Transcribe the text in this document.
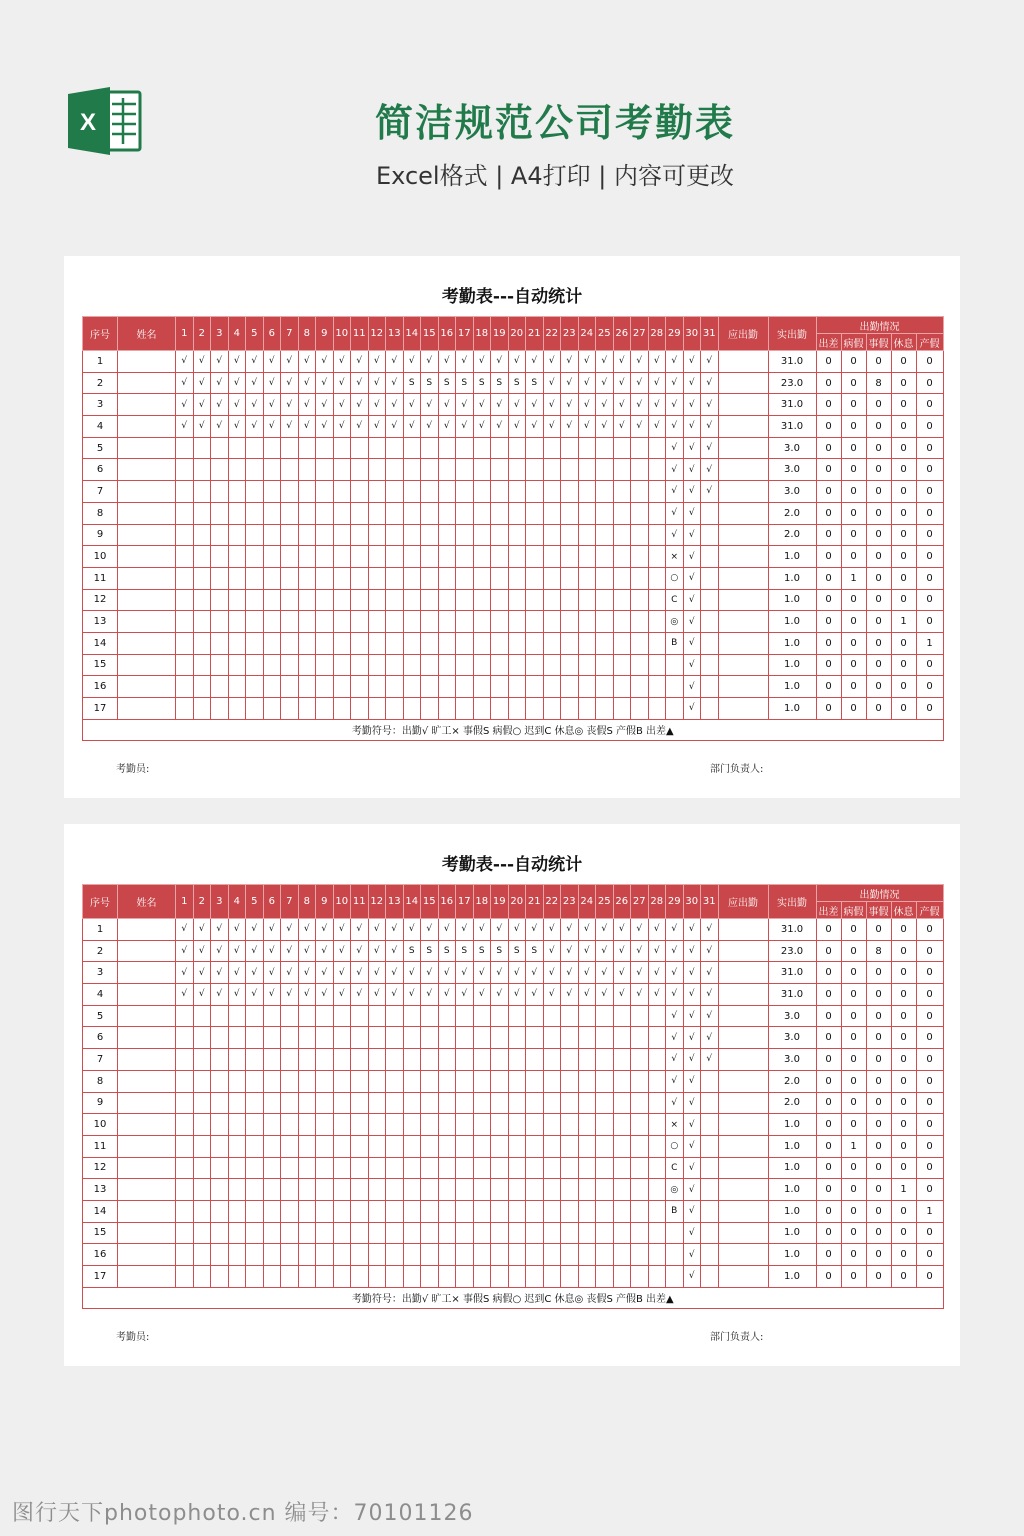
X	简洁规范公司考勤表
Excel格式 | A4打印 | 内容可更改
考勤表---自动统计
序号	姓名	1	2	3	4	5	6	7	8	9	10	11	12	13	14	15	16	17	18	19	20	21	22	23	24	25	26	27	28	29	30	31	应出勤	实出勤	出勤情况				
																																			出差	病假	事假	休息	产假
1		√	√	√	√	√	√	√	√	√	√	√	√	√	√	√	√	√	√	√	√	√	√	√	√	√	√	√	√	√	√	√		31.0	0	0	0	0	0
2		√	√	√	√	√	√	√	√	√	√	√	√	√	S	S	S	S	S	S	S	S	√	√	√	√	√	√	√	√	√	√		23.0	0	0	8	0	0
3		√	√	√	√	√	√	√	√	√	√	√	√	√	√	√	√	√	√	√	√	√	√	√	√	√	√	√	√	√	√	√		31.0	0	0	0	0	0
4		√	√	√	√	√	√	√	√	√	√	√	√	√	√	√	√	√	√	√	√	√	√	√	√	√	√	√	√	√	√	√		31.0	0	0	0	0	0
5																														√	√	√		3.0	0	0	0	0	0
6																														√	√	√		3.0	0	0	0	0	0
7																														√	√	√		3.0	0	0	0	0	0
8																														√	√			2.0	0	0	0	0	0
9																														√	√			2.0	0	0	0	0	0
10																														×	√			1.0	0	0	0	0	0
11																														○	√			1.0	0	1	0	0	0
12																														C	√			1.0	0	0	0	0	0
13																														◎	√			1.0	0	0	0	1	0
14																														B	√			1.0	0	0	0	0	1
15																															√			1.0	0	0	0	0	0
16																															√			1.0	0	0	0	0	0
17																															√			1.0	0	0	0	0	0
考勤符号：出勤√ 旷工× 事假S 病假○ 迟到C 休息◎ 丧假S 产假B 出差▲																																							
考勤员:	部门负责人:
考勤表---自动统计
序号	姓名	1	2	3	4	5	6	7	8	9	10	11	12	13	14	15	16	17	18	19	20	21	22	23	24	25	26	27	28	29	30	31	应出勤	实出勤	出勤情况				
																																			出差	病假	事假	休息	产假
1		√	√	√	√	√	√	√	√	√	√	√	√	√	√	√	√	√	√	√	√	√	√	√	√	√	√	√	√	√	√	√		31.0	0	0	0	0	0
2		√	√	√	√	√	√	√	√	√	√	√	√	√	S	S	S	S	S	S	S	S	√	√	√	√	√	√	√	√	√	√		23.0	0	0	8	0	0
3		√	√	√	√	√	√	√	√	√	√	√	√	√	√	√	√	√	√	√	√	√	√	√	√	√	√	√	√	√	√	√		31.0	0	0	0	0	0
4		√	√	√	√	√	√	√	√	√	√	√	√	√	√	√	√	√	√	√	√	√	√	√	√	√	√	√	√	√	√	√		31.0	0	0	0	0	0
5																														√	√	√		3.0	0	0	0	0	0
6																														√	√	√		3.0	0	0	0	0	0
7																														√	√	√		3.0	0	0	0	0	0
8																														√	√			2.0	0	0	0	0	0
9																														√	√			2.0	0	0	0	0	0
10																														×	√			1.0	0	0	0	0	0
11																														○	√			1.0	0	1	0	0	0
12																														C	√			1.0	0	0	0	0	0
13																														◎	√			1.0	0	0	0	1	0
14																														B	√			1.0	0	0	0	0	1
15																															√			1.0	0	0	0	0	0
16																															√			1.0	0	0	0	0	0
17																															√			1.0	0	0	0	0	0
考勤符号：出勤√ 旷工× 事假S 病假○ 迟到C 休息◎ 丧假S 产假B 出差▲																																							
考勤员:	部门负责人:
图行天下photophoto.cn 编号：70101126
